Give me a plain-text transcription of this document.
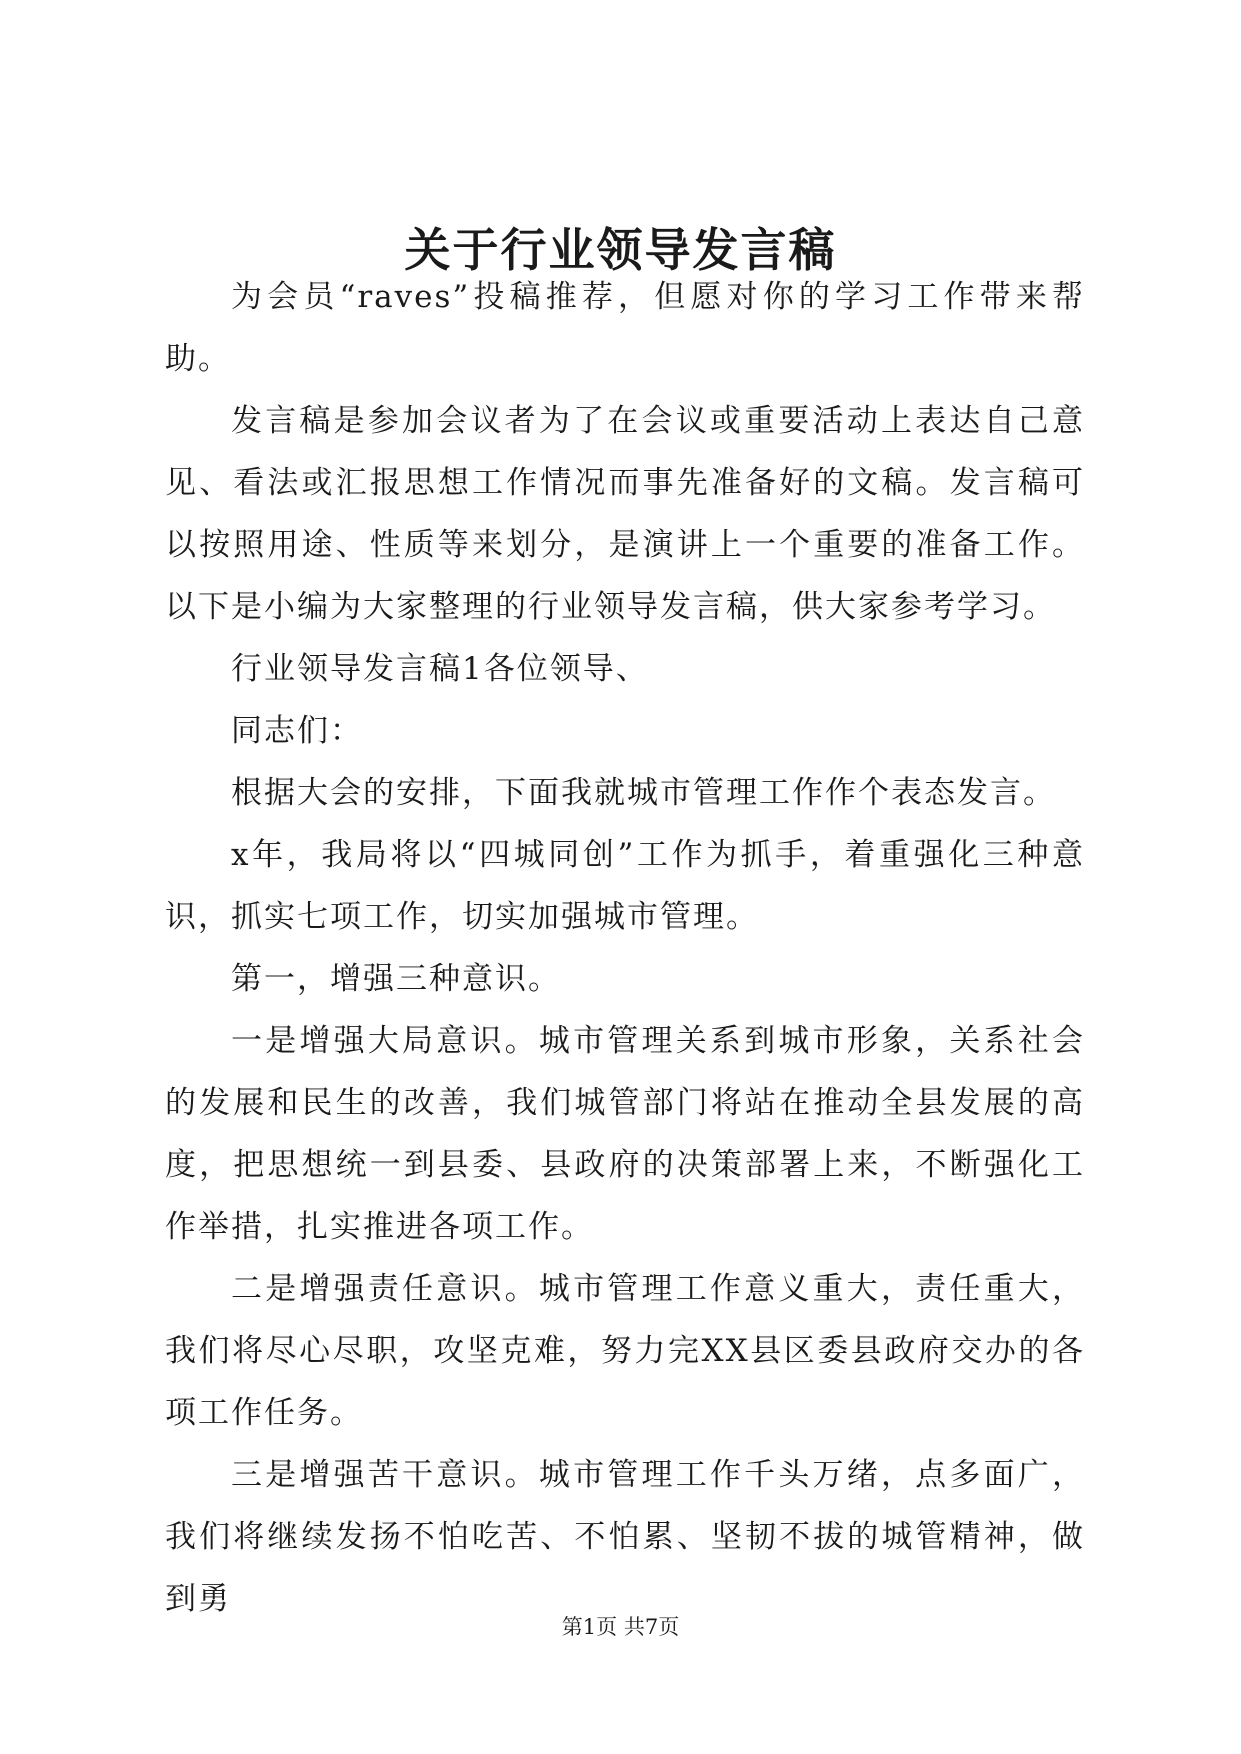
关于行业领导发言稿

为会员“raves”投稿推荐，但愿对你的学习工作带来帮助。

发言稿是参加会议者为了在会议或重要活动上表达自己意见、看法或汇报思想工作情况而事先准备好的文稿。发言稿可以按照用途、性质等来划分，是演讲上一个重要的准备工作。以下是小编为大家整理的行业领导发言稿，供大家参考学习。

行业领导发言稿1各位领导、

同志们：

根据大会的安排，下面我就城市管理工作作个表态发言。

x年，我局将以“四城同创”工作为抓手，着重强化三种意识，抓实七项工作，切实加强城市管理。

第一，增强三种意识。

一是增强大局意识。城市管理关系到城市形象，关系社会的发展和民生的改善，我们城管部门将站在推动全县发展的高度，把思想统一到县委、县政府的决策部署上来，不断强化工作举措，扎实推进各项工作。

二是增强责任意识。城市管理工作意义重大，责任重大，我们将尽心尽职，攻坚克难，努力完XX县区委县政府交办的各项工作任务。

三是增强苦干意识。城市管理工作千头万绪，点多面广，我们将继续发扬不怕吃苦、不怕累、坚韧不拔的城管精神，做到勇

第1页 共7页
